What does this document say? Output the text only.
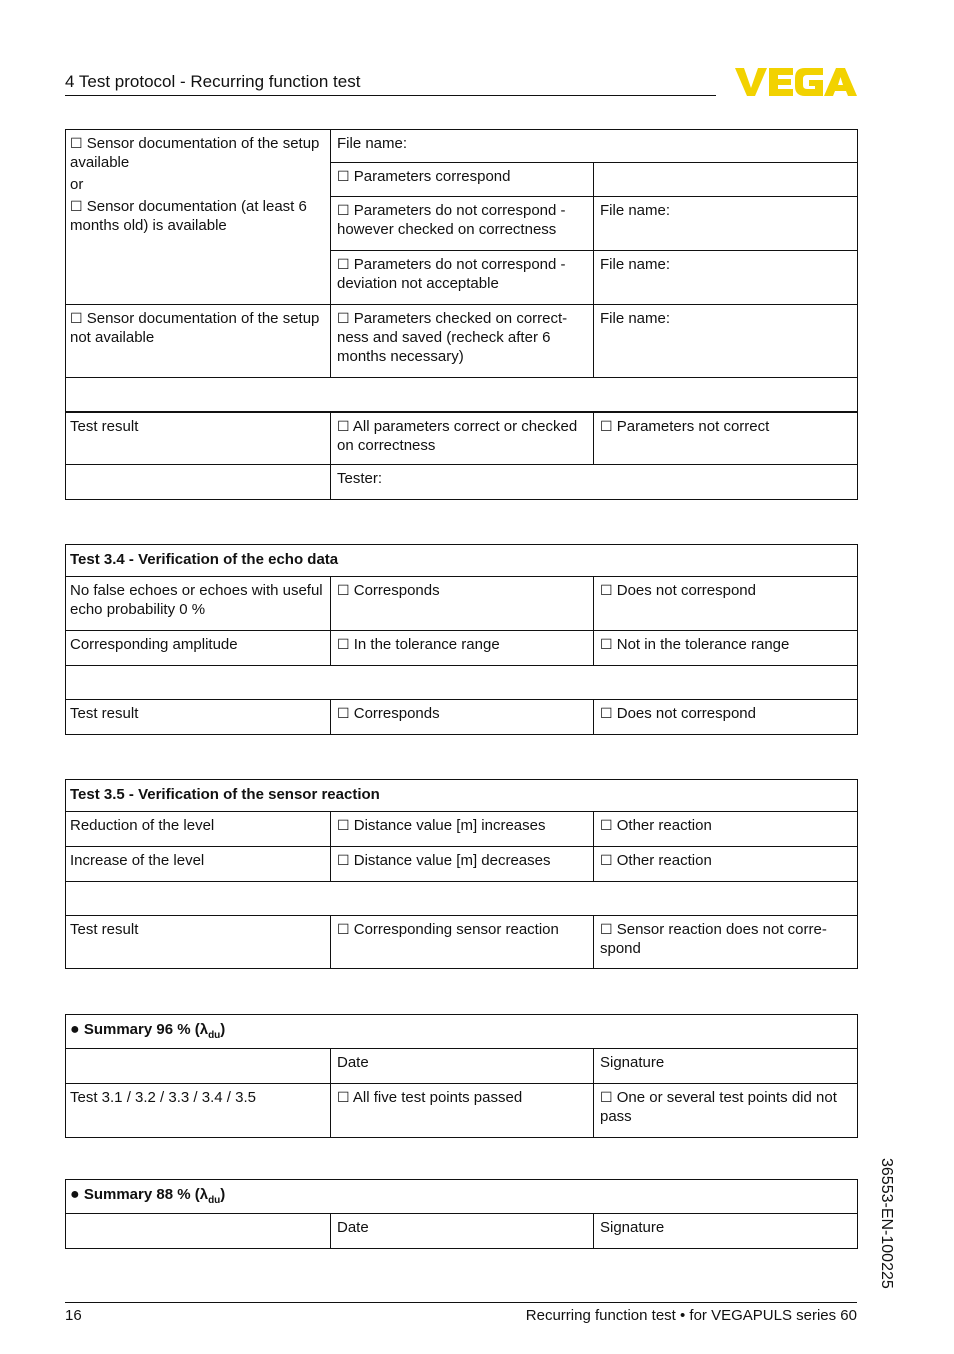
4 Test protocol - Recurring function test
☐ Sensor documentation of the setup available
or
☐ Sensor documentation (at least 6 months old) is available	File name:	
	☐ Parameters correspond	
	☐ Parameters do not correspond - however checked on correctness	File name:
	☐ Parameters do not correspond - deviation not acceptable	File name:
☐ Sensor documentation of the setup not available	☐ Parameters checked on correctness and saved (recheck after 6 months necessary)	File name:

Test result	☐ All parameters correct or checked on correctness	☐ Parameters not correct
	Tester:	
Test 3.4 - Verification of the echo data		
No false echoes or echoes with useful echo probability 0 %	☐ Corresponds	☐ Does not correspond
Corresponding amplitude	☐ In the tolerance range	☐ Not in the tolerance range

Test result	☐ Corresponds	☐ Does not correspond
Test 3.5 - Verification of the sensor reaction		
Reduction of the level	☐ Distance value [m] increases	☐ Other reaction
Increase of the level	☐ Distance value [m] decreases	☐ Other reaction

Test result	☐ Corresponding sensor reaction	☐ Sensor reaction does not correspond
● Summary 96 % $(\lambda_{du})$		
	Date	Signature
Test 3.1 / 3.2 / 3.3 / 3.4 / 3.5	☐ All five test points passed	☐ One or several test points did not pass
● Summary 88 % $(\lambda_{du})$
	Date	Signature	36553-EN-100225
16	Recurring function test • for VEGAPULS series 60
